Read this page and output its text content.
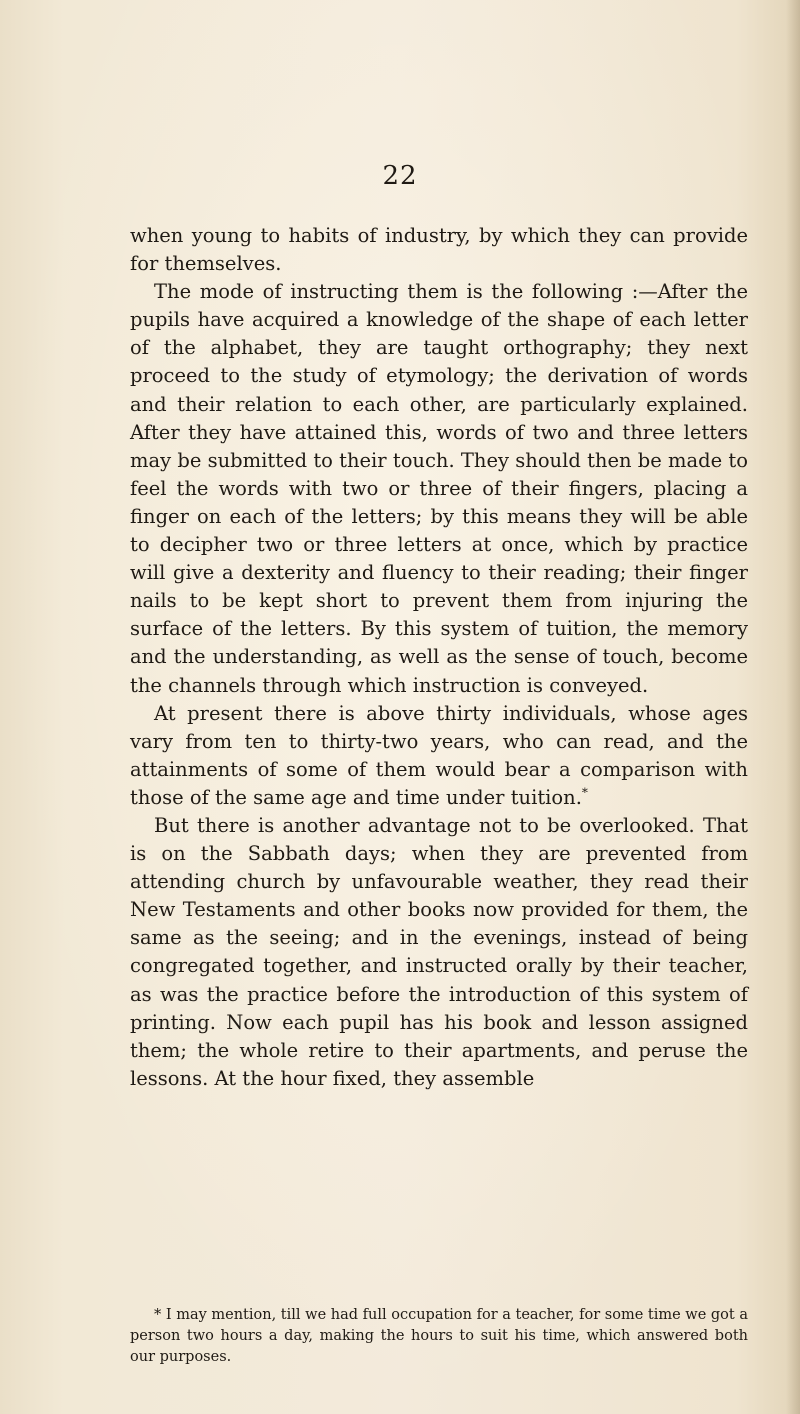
22

when young to habits of industry, by which they can provide for themselves.

The mode of instructing them is the following :—After the pupils have acquired a knowledge of the shape of each letter of the alphabet, they are taught orthography; they next proceed to the study of etymology; the derivation of words and their relation to each other, are particularly explained. After they have attained this, words of two and three letters may be submitted to their touch. They should then be made to feel the words with two or three of their fingers, placing a finger on each of the letters; by this means they will be able to decipher two or three letters at once, which by practice will give a dexterity and fluency to their reading; their finger nails to be kept short to prevent them from injuring the surface of the letters. By this system of tuition, the memory and the understanding, as well as the sense of touch, become the channels through which instruction is conveyed.

At present there is above thirty individuals, whose ages vary from ten to thirty-two years, who can read, and the attainments of some of them would bear a comparison with those of the same age and time under tuition.*

But there is another advantage not to be overlooked. That is on the Sabbath days; when they are prevented from attending church by unfavourable weather, they read their New Testaments and other books now provided for them, the same as the seeing; and in the evenings, instead of being congregated together, and instructed orally by their teacher, as was the practice before the introduction of this system of printing. Now each pupil has his book and lesson assigned them; the whole retire to their apartments, and peruse the lessons. At the hour fixed, they assemble

* I may mention, till we had full occupation for a teacher, for some time we got a person two hours a day, making the hours to suit his time, which answered both our purposes.
